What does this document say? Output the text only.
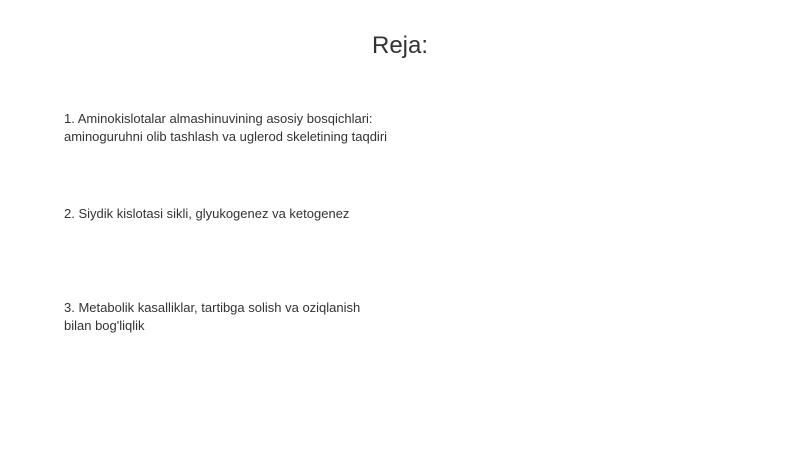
Reja:
1. Aminokislotalar almashinuvining asosiy bosqichlari:
aminoguruhni olib tashlash va uglerod skeletining taqdiri
2. Siydik kislotasi sikli, glyukogenez va ketogenez
3. Metabolik kasalliklar, tartibga solish va oziqlanish
bilan bog'liqlik
